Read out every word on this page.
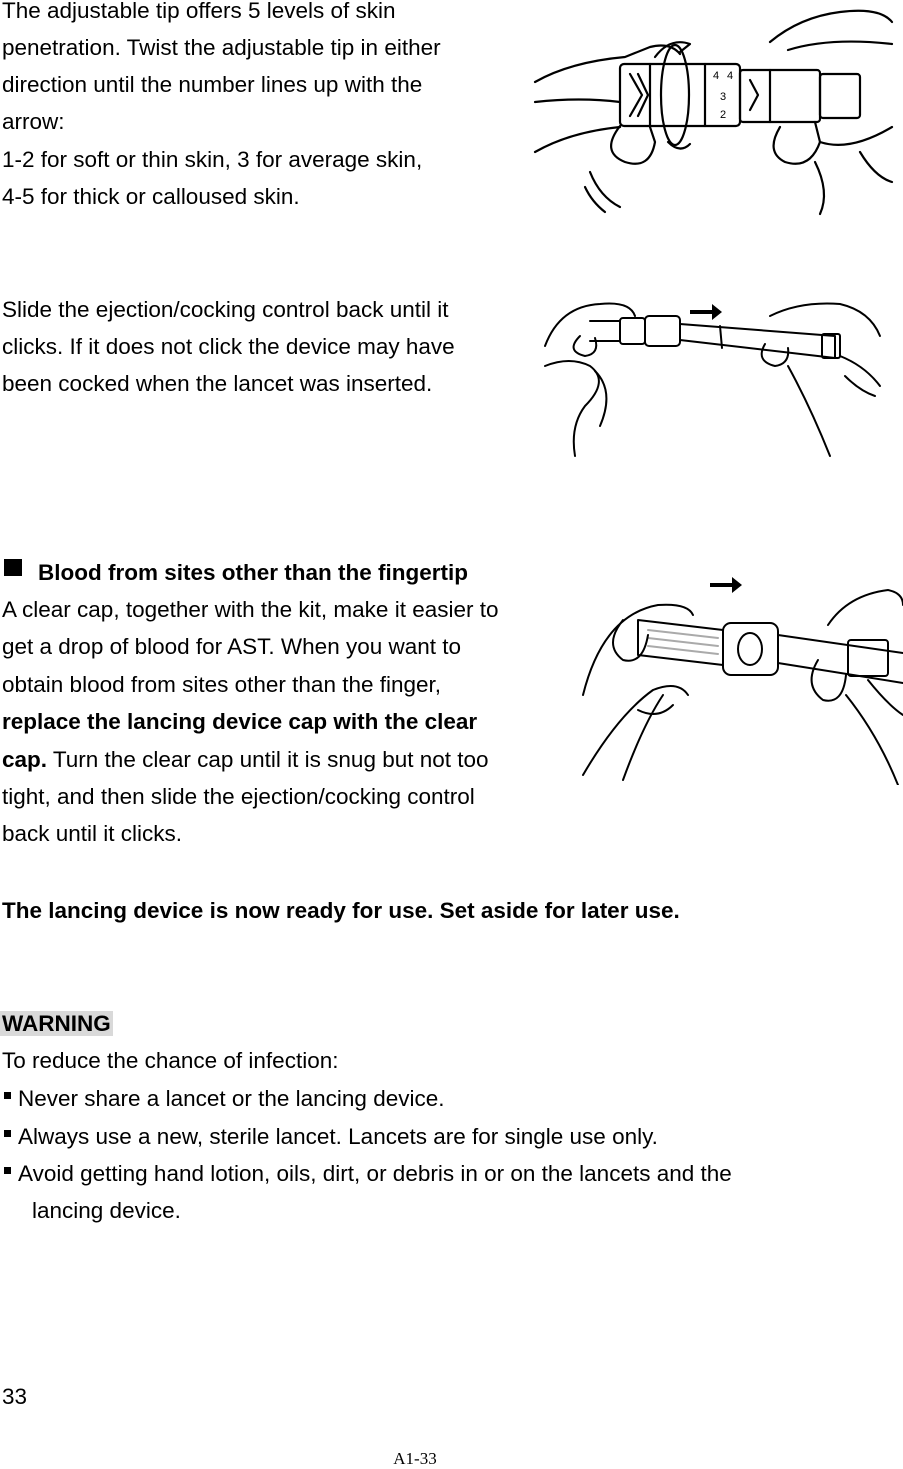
The adjustable tip offers 5 levels of skin
penetration. Twist the adjustable tip in either
direction until the number lines up with the
arrow:
1-2 for soft or thin skin, 3 for average skin,
4-5 for thick or calloused skin.
4 4
3
2
Slide the ejection/cocking control back until it
clicks. If it does not click the device may have
been cocked when the lancet was inserted.
Blood from sites other than the fingertip
A clear cap, together with the kit, make it easier to
get a drop of blood for AST. When you want to
obtain blood from sites other than the finger,
replace the lancing device cap with the clear
cap. Turn the clear cap until it is snug but not too
tight, and then slide the ejection/cocking control
back until it clicks.
The lancing device is now ready for use. Set aside for later use.
WARNING
To reduce the chance of infection:
Never share a lancet or the lancing device.
Always use a new, sterile lancet. Lancets are for single use only.
Avoid getting hand lotion, oils, dirt, or debris in or on the lancets and the
lancing device.
33
A1-33
